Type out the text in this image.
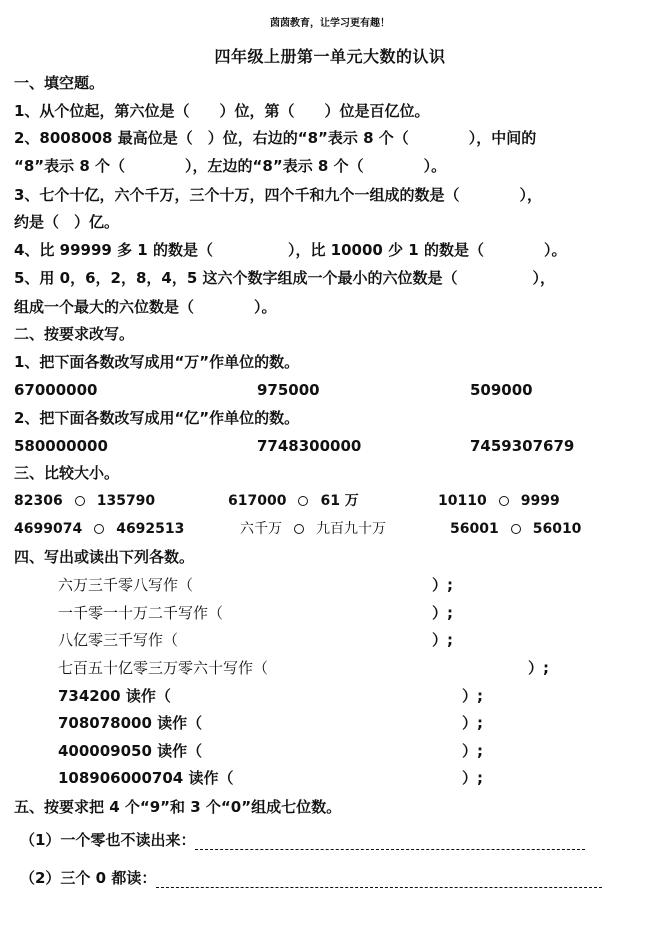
茵茵教育，让学习更有趣！
四年级上册第一单元大数的认识
一、填空题。
1、从个位起，第六位是（　　）位，第（　　）位是百亿位。
2、8008008 最高位是（　）位，右边的“8”表示 8 个（　　　　），中间的
“8”表示 8 个（　　　　），左边的“8”表示 8 个（　　　　）。
3、七个十亿，六个千万，三个十万，四个千和九个一组成的数是（　　　　），
约是（　）亿。
4、比 99999 多 1 的数是（　　　　　），比 10000 少 1 的数是（　　　　）。
5、用 0，6，2，8，4，5 这六个数字组成一个最小的六位数是（　　　　　），
组成一个最大的六位数是（　　　　）。
二、按要求改写。
1、把下面各数改写成用“万”作单位的数。
67000000	975000	509000
2、把下面各数改写成用“亿”作单位的数。
580000000	7748300000	7459307679
三、比较大小。
82306 135790	617000 61 万	10110 9999
4699074 4692513	六千万 九百九十万	56001 56010
四、写出或读出下列各数。
六万三千零八写作（	）;
一千零一十万二千写作（	）;
八亿零三千写作（	）;
七百五十亿零三万零六十写作（	）;
734200 读作（	）;
708078000 读作（	）;
400009050 读作（	）;
108906000704 读作（	）;
五、按要求把 4 个“9”和 3 个“0”组成七位数。
（1）一个零也不读出来：
（2）三个 0 都读：
